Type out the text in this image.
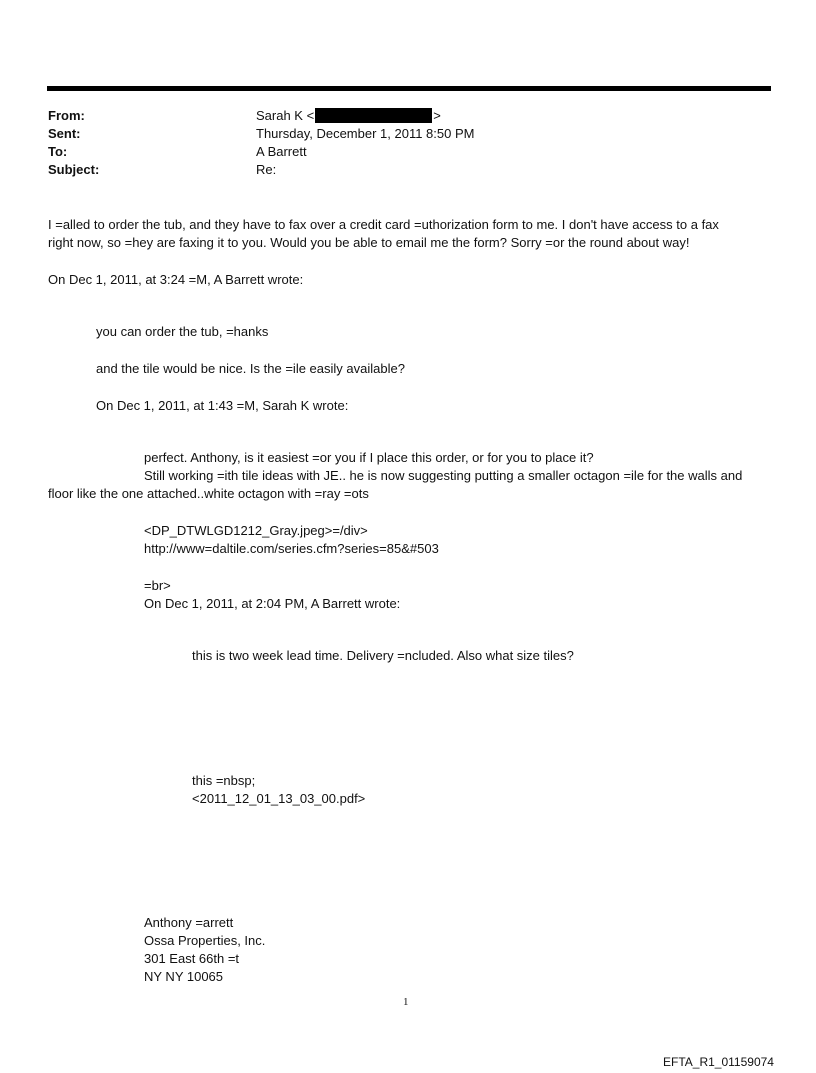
From:
Sent:
To:
Subject:
Sarah K <	>
Thursday, December 1, 2011 8:50 PM
A Barrett
Re:
I =alled to order the tub, and they have to fax over a credit card =uthorization form to me. I don't have access to a fax
right now, so =hey are faxing it to you. Would you be able to email me the form? Sorry =or the round about way!
On Dec 1, 2011, at 3:24 =M, A Barrett wrote:
you can order the tub, =hanks
and the tile would be nice. Is the =ile easily available?
On Dec 1, 2011, at 1:43 =M, Sarah K wrote:
perfect. Anthony, is it easiest =or you if I place this order, or for you to place it?
Still working =ith tile ideas with JE.. he is now suggesting putting a smaller octagon =ile for the walls and
floor like the one attached..white octagon with =ray =ots
<DP_DTWLGD1212_Gray.jpeg>=/div>
http://www=daltile.com/series.cfm?series=85&#503
=br>
On Dec 1, 2011, at 2:04 PM, A Barrett wrote:
this is two week lead time. Delivery =ncluded. Also what size tiles?
this =nbsp;
<2011_12_01_13_03_00.pdf>
Anthony =arrett
Ossa Properties, Inc.
301 East 66th =t
NY NY 10065
1
EFTA_R1_01159074
